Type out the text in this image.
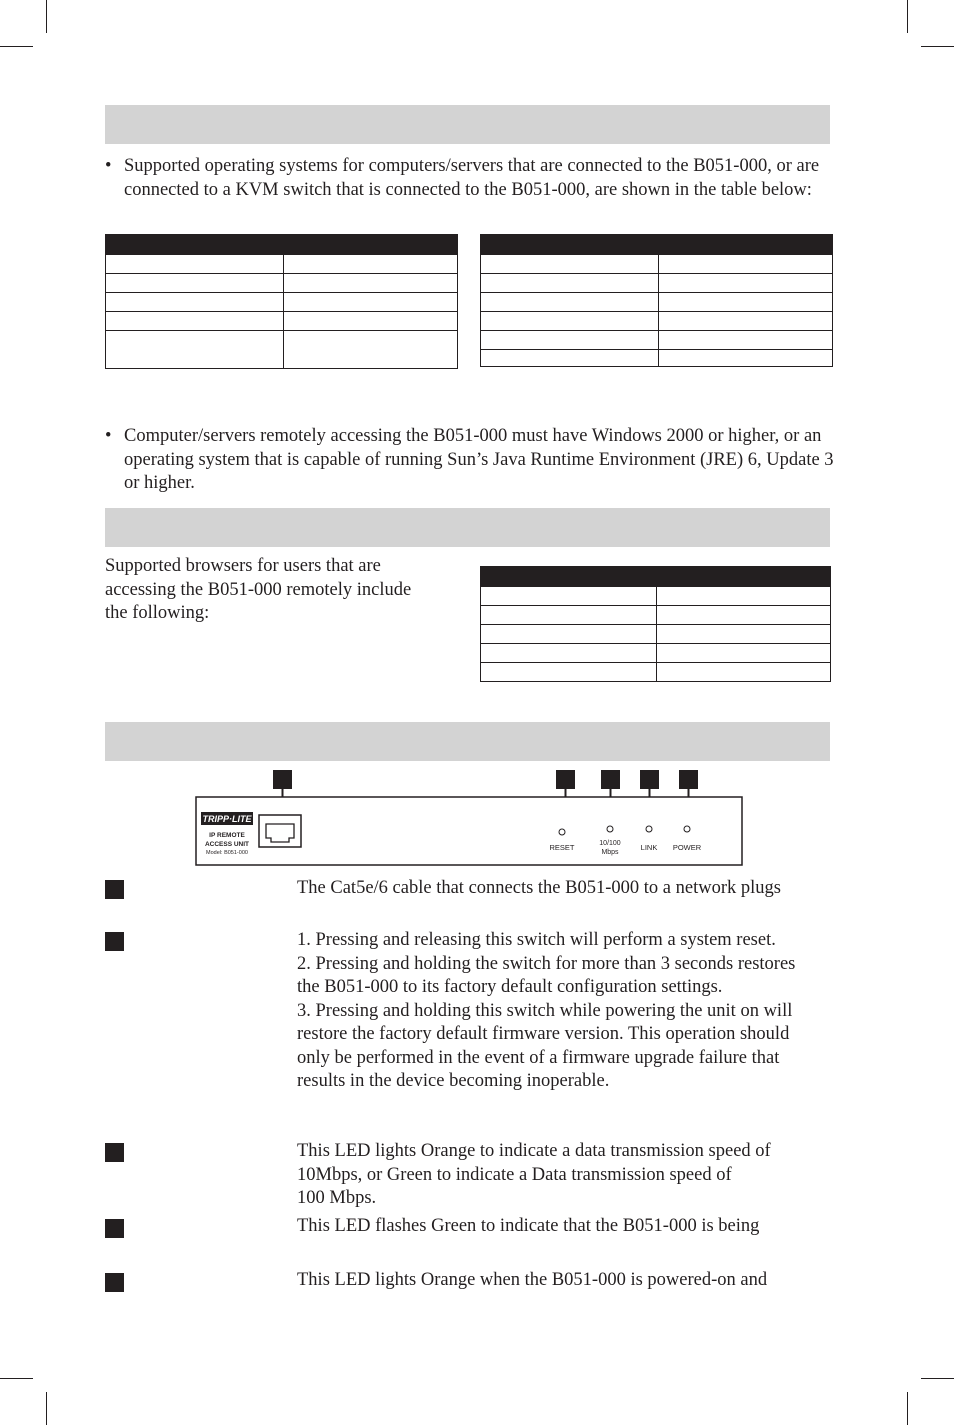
• Supported operating systems for computers/servers that are connected to the B051-000, or are connected to a KVM switch that is connected to the B051-000, are shown in the table below:

• Computer/servers remotely accessing the B051-000 must have Windows 2000 or higher, or an operating system that is capable of running Sun’s Java Runtime Environment (JRE) 6, Update 3 or higher.
Supported browsers for users that are
accessing the B051-000 remotely include
the following:

TRIPP·LITE
IP REMOTE
ACCESS UNIT
Model: B051-000
RESET	10/100
Mbps
LINK POWER
The Cat5e/6 cable that connects the B051-000 to a network plugs
1. Pressing and releasing this switch will perform a system reset.
2. Pressing and holding the switch for more than 3 seconds restores
the B051-000 to its factory default configuration settings.
3. Pressing and holding this switch while powering the unit on will
restore the factory default firmware version. This operation should
only be performed in the event of a firmware upgrade failure that
results in the device becoming inoperable.
This LED lights Orange to indicate a data transmission speed of
10Mbps, or Green to indicate a Data transmission speed of
100 Mbps.
This LED flashes Green to indicate that the B051-000 is being
This LED lights Orange when the B051-000 is powered-on and
